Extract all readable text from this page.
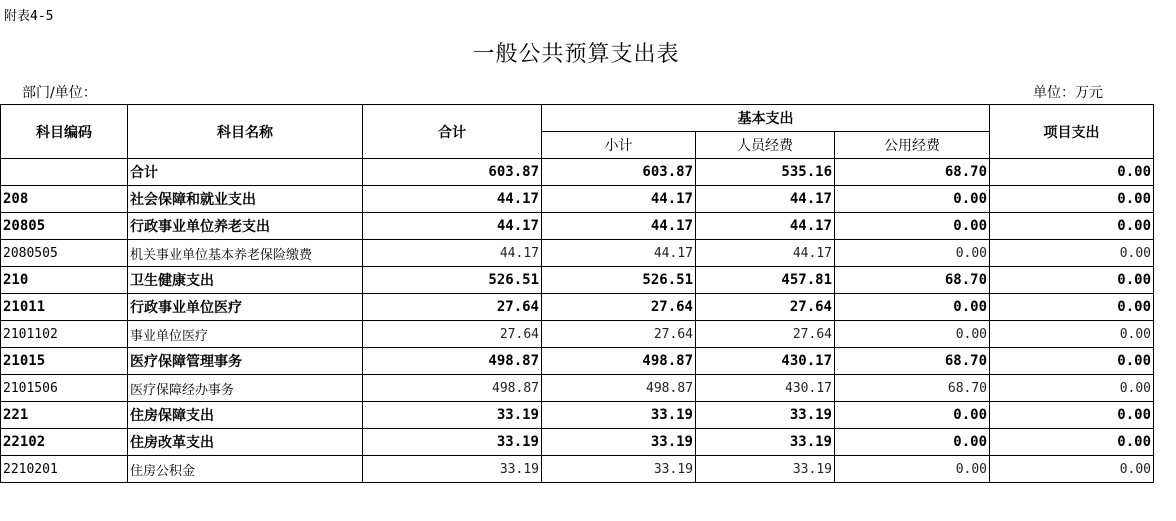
附表4-5
一般公共预算支出表
部门/单位：	单位：万元
科目编码	科目名称	合计	基本支出			项目支出
			小计	人员经费	公用经费	
	合计	603.87	603.87	535.16	68.70	0.00
208	社会保障和就业支出	44.17	44.17	44.17	0.00	0.00
20805	行政事业单位养老支出	44.17	44.17	44.17	0.00	0.00
2080505	机关事业单位基本养老保险缴费	44.17	44.17	44.17	0.00	0.00
210	卫生健康支出	526.51	526.51	457.81	68.70	0.00
21011	行政事业单位医疗	27.64	27.64	27.64	0.00	0.00
2101102	事业单位医疗	27.64	27.64	27.64	0.00	0.00
21015	医疗保障管理事务	498.87	498.87	430.17	68.70	0.00
2101506	医疗保障经办事务	498.87	498.87	430.17	68.70	0.00
221	住房保障支出	33.19	33.19	33.19	0.00	0.00
22102	住房改革支出	33.19	33.19	33.19	0.00	0.00
2210201	住房公积金	33.19	33.19	33.19	0.00	0.00
